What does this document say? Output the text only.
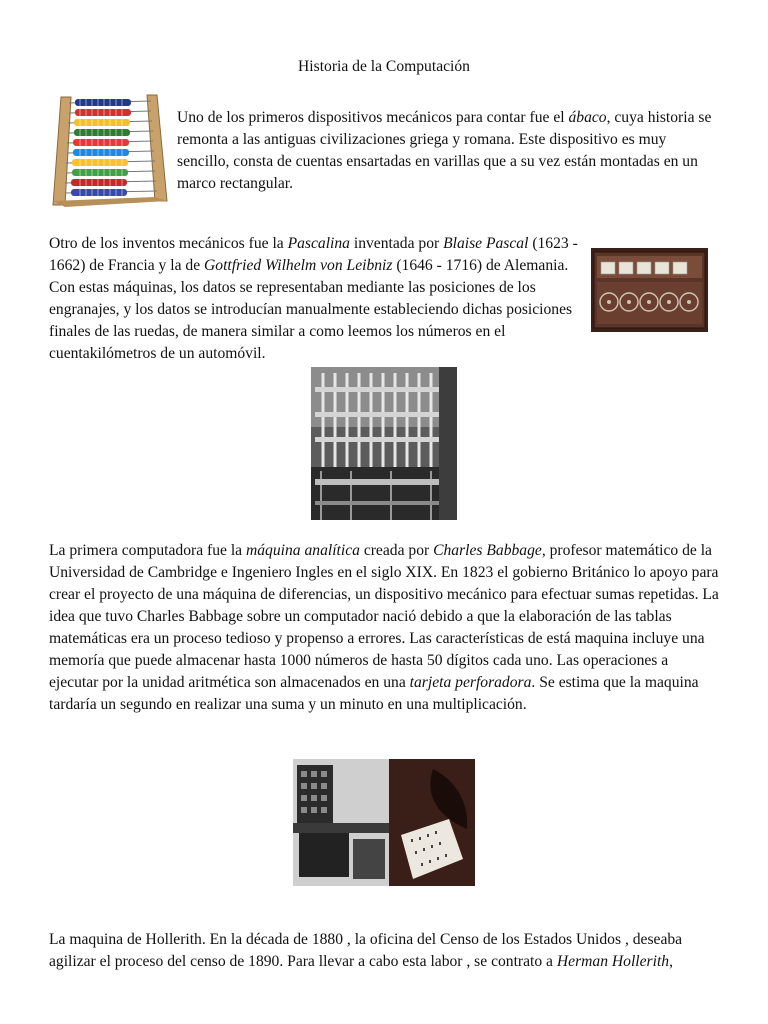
Historia de la Computación

Uno de los primeros dispositivos mecánicos para contar fue el ábaco, cuya historia se remonta a las antiguas civilizaciones griega y romana. Este dispositivo es muy sencillo, consta de cuentas ensartadas en varillas que a su vez están montadas en un marco rectangular.

Otro de los inventos mecánicos fue la Pascalina inventada por Blaise Pascal (1623 - 1662) de Francia y la de Gottfried Wilhelm von Leibniz (1646 - 1716) de Alemania. Con estas máquinas, los datos se representaban mediante las posiciones de los engranajes, y los datos se introducían manualmente estableciendo dichas posiciones finales de las ruedas, de manera similar a como leemos los números en el cuentakilómetros de un automóvil.

La primera computadora fue la máquina analítica creada por Charles Babbage, profesor matemático de la Universidad de Cambridge e Ingeniero Ingles en el siglo XIX. En 1823 el gobierno Británico lo apoyo para crear el proyecto de una máquina de diferencias, un dispositivo mecánico para efectuar sumas repetidas. La idea que tuvo Charles Babbage sobre un computador nació debido a que la elaboración de las tablas matemáticas era un proceso tedioso y propenso a errores. Las características de está maquina incluye una memoría que puede almacenar hasta 1000 números de hasta 50 dígitos cada uno. Las operaciones a ejecutar por la unidad aritmética son almacenados en una tarjeta perforadora. Se estima que la maquina tardaría un segundo en realizar una suma y un minuto en una multiplicación.

La maquina de Hollerith. En la década de 1880 , la oficina del Censo de los Estados Unidos , deseaba agilizar el proceso del censo de 1890. Para llevar a cabo esta labor , se contrato a Herman Hollerith,
